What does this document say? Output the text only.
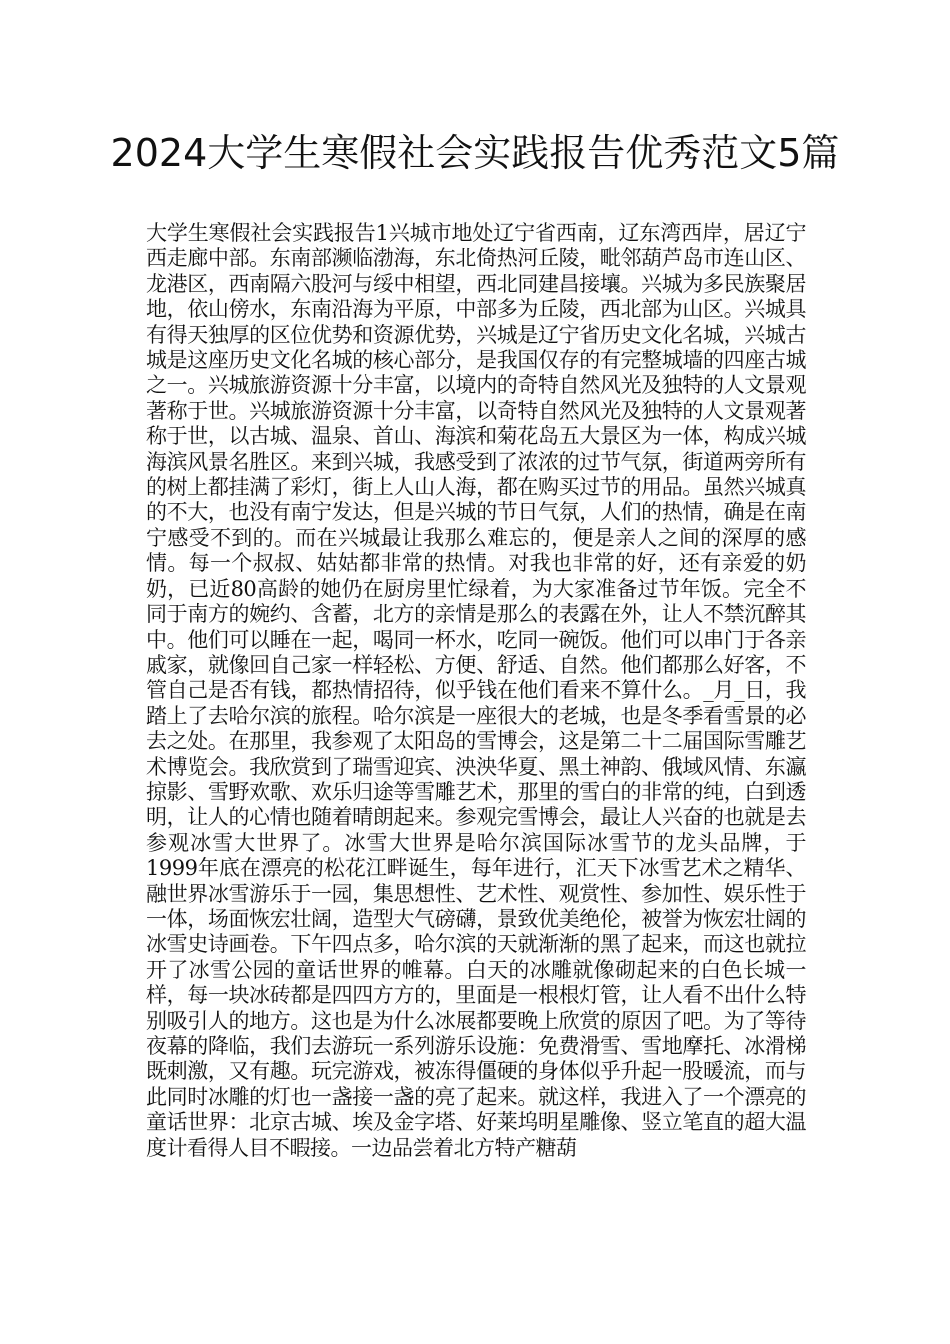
2024大学生寒假社会实践报告优秀范文5篇

大学生寒假社会实践报告1兴城市地处辽宁省西南，辽东湾西岸，居辽宁西走廊中部。东南部濒临渤海，东北倚热河丘陵，毗邻葫芦岛市连山区、龙港区，西南隔六股河与绥中相望，西北同建昌接壤。兴城为多民族聚居地，依山傍水，东南沿海为平原，中部多为丘陵，西北部为山区。兴城具有得天独厚的区位优势和资源优势，兴城是辽宁省历史文化名城，兴城古城是这座历史文化名城的核心部分，是我国仅存的有完整城墙的四座古城之一。兴城旅游资源十分丰富，以境内的奇特自然风光及独特的人文景观著称于世。兴城旅游资源十分丰富，以奇特自然风光及独特的人文景观著称于世，以古城、温泉、首山、海滨和菊花岛五大景区为一体，构成兴城海滨风景名胜区。来到兴城，我感受到了浓浓的过节气氛，街道两旁所有的树上都挂满了彩灯，街上人山人海，都在购买过节的用品。虽然兴城真的不大，也没有南宁发达，但是兴城的节日气氛，人们的热情，确是在南宁感受不到的。而在兴城最让我那么难忘的，便是亲人之间的深厚的感情。每一个叔叔、姑姑都非常的热情。对我也非常的好，还有亲爱的奶奶，已近80高龄的她仍在厨房里忙绿着，为大家准备过节年饭。完全不同于南方的婉约、含蓄，北方的亲情是那么的表露在外，让人不禁沉醉其中。他们可以睡在一起，喝同一杯水，吃同一碗饭。他们可以串门于各亲戚家，就像回自己家一样轻松、方便、舒适、自然。他们都那么好客，不管自己是否有钱，都热情招待，似乎钱在他们看来不算什么。_月_日，我踏上了去哈尔滨的旅程。哈尔滨是一座很大的老城，也是冬季看雪景的必去之处。在那里，我参观了太阳岛的雪博会，这是第二十二届国际雪雕艺术博览会。我欣赏到了瑞雪迎宾、泱泱华夏、黑土神韵、俄域风情、东瀛掠影、雪野欢歌、欢乐归途等雪雕艺术，那里的雪白的非常的纯，白到透明，让人的心情也随着晴朗起来。参观完雪博会，最让人兴奋的也就是去参观冰雪大世界了。冰雪大世界是哈尔滨国际冰雪节的龙头品牌，于1999年底在漂亮的松花江畔诞生，每年进行，汇天下冰雪艺术之精华、融世界冰雪游乐于一园，集思想性、艺术性、观赏性、参加性、娱乐性于一体，场面恢宏壮阔，造型大气磅礴，景致优美绝伦，被誉为恢宏壮阔的冰雪史诗画卷。下午四点多，哈尔滨的天就渐渐的黑了起来，而这也就拉开了冰雪公园的童话世界的帷幕。白天的冰雕就像砌起来的白色长城一样，每一块冰砖都是四四方方的，里面是一根根灯管，让人看不出什么特别吸引人的地方。这也是为什么冰展都要晚上欣赏的原因了吧。为了等待夜幕的降临，我们去游玩一系列游乐设施：免费滑雪、雪地摩托、冰滑梯既刺激，又有趣。玩完游戏，被冻得僵硬的身体似乎升起一股暖流，而与此同时冰雕的灯也一盏接一盏的亮了起来。就这样，我进入了一个漂亮的童话世界：北京古城、埃及金字塔、好莱坞明星雕像、竖立笔直的超大温度计看得人目不暇接。一边品尝着北方特产糖葫
